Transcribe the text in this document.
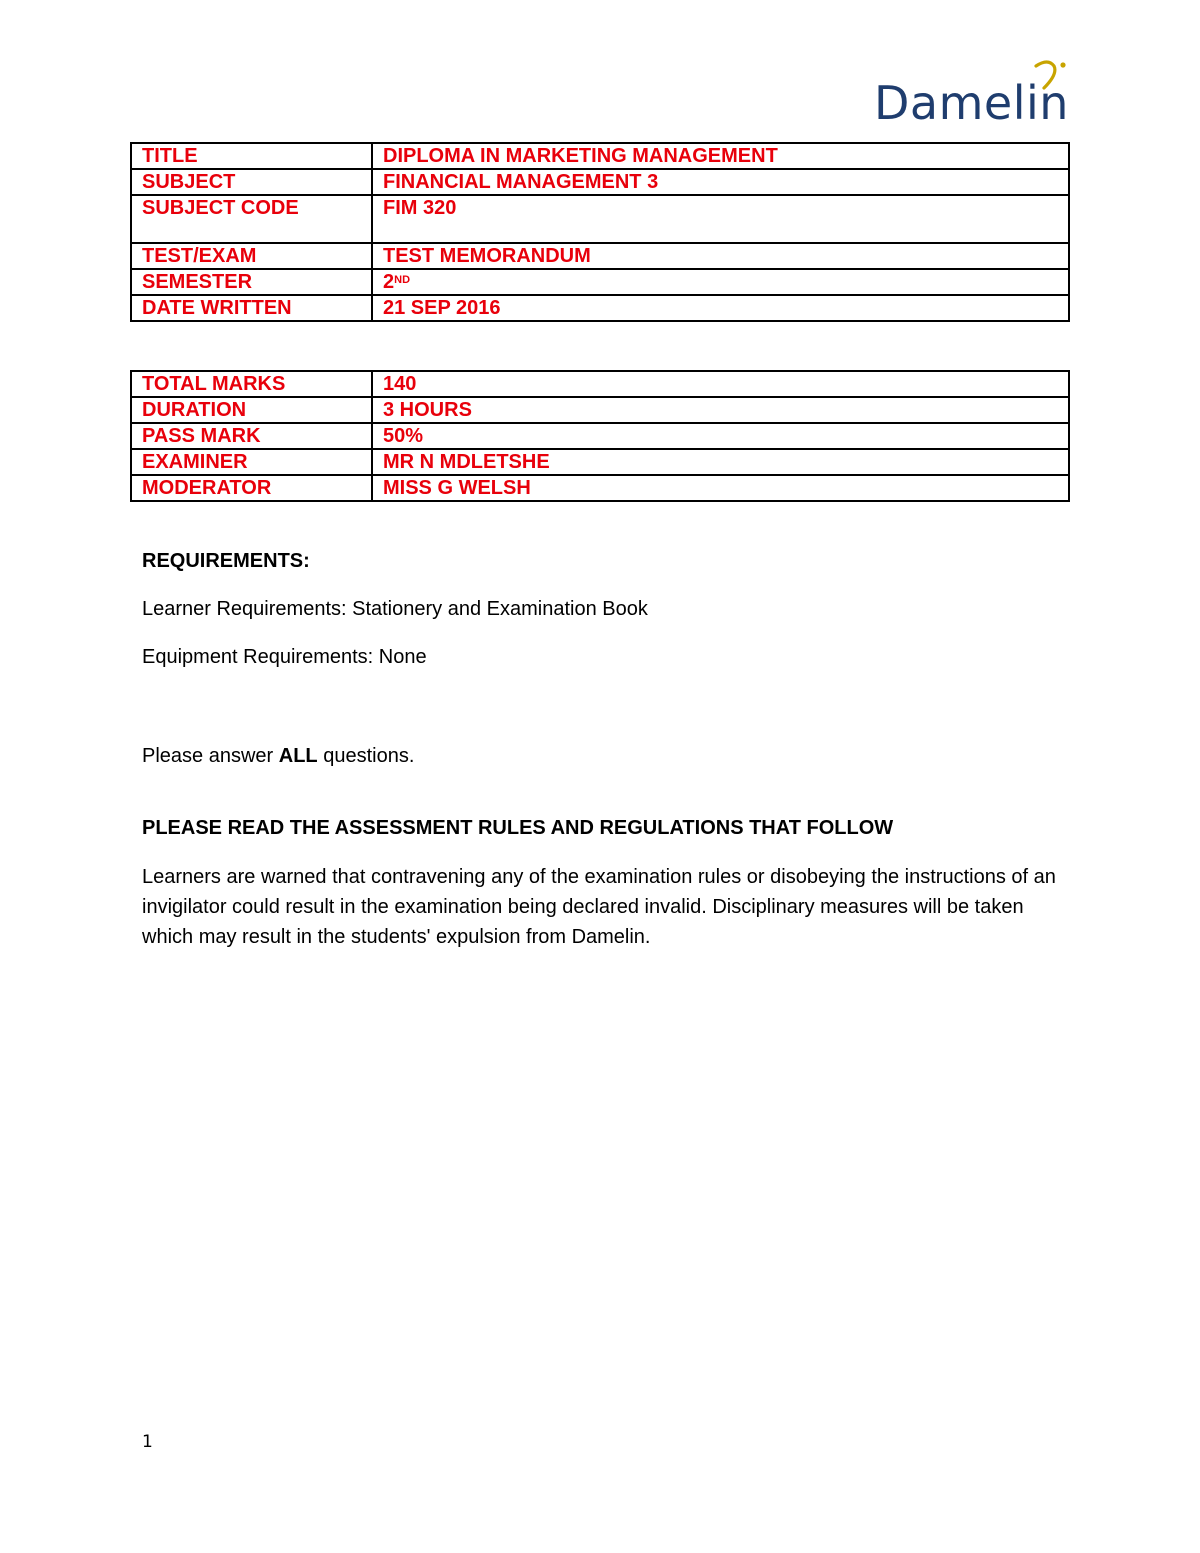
Damelin
TITLE	DIPLOMA IN MARKETING MANAGEMENT
SUBJECT	FINANCIAL MANAGEMENT 3
SUBJECT CODE	FIM 320
TEST/EXAM	TEST MEMORANDUM
SEMESTER	2ND
DATE WRITTEN	21 SEP 2016
TOTAL MARKS	140
DURATION	3 HOURS
PASS MARK	50%
EXAMINER	MR N MDLETSHE
MODERATOR	MISS G WELSH

REQUIREMENTS:

Learner Requirements: Stationery and Examination Book

Equipment Requirements: None

Please answer ALL questions.

PLEASE READ THE ASSESSMENT RULES AND REGULATIONS THAT FOLLOW

Learners are warned that contravening any of the examination rules or disobeying the instructions of an invigilator could result in the examination being declared invalid. Disciplinary measures will be taken which may result in the students' expulsion from Damelin.

1
